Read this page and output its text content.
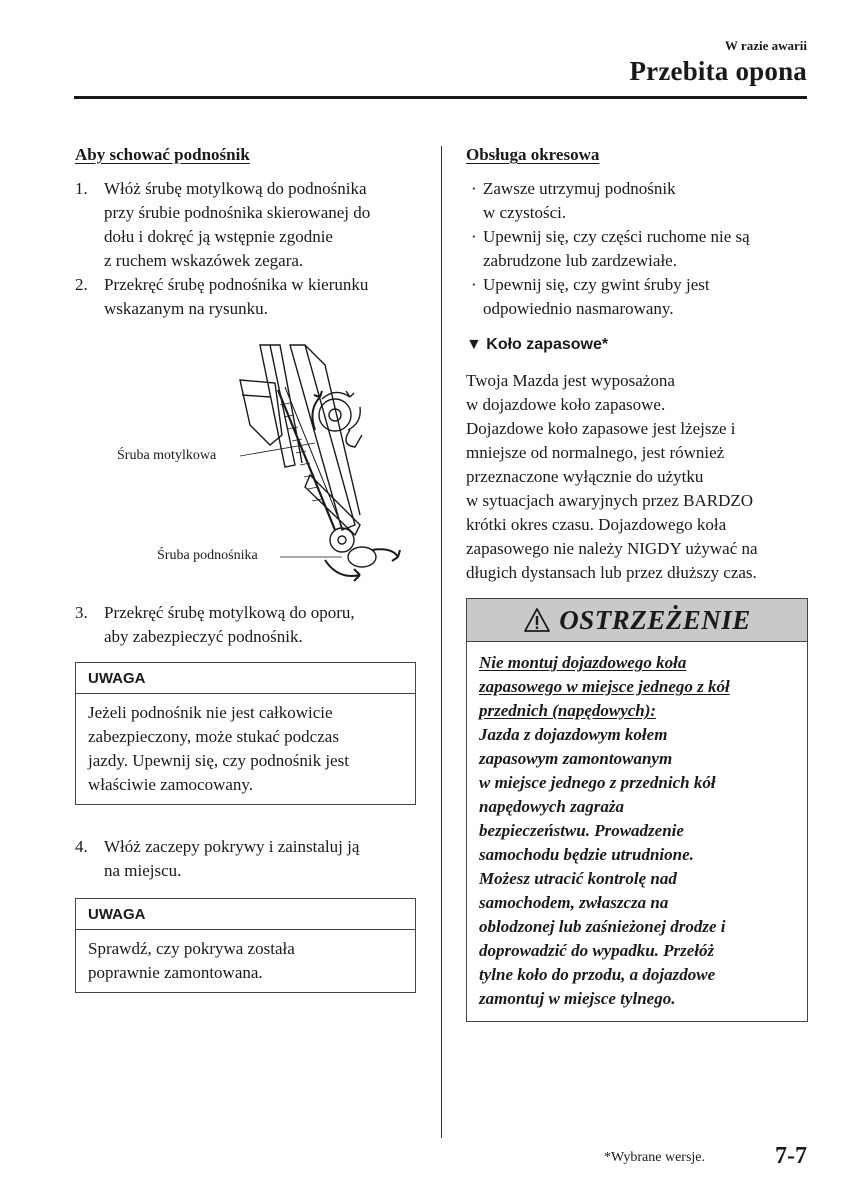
W razie awarii
Przebita opona
Aby schować podnośnik
1. Włóż śrubę motylkową do podnośnika
przy śrubie podnośnika skierowanej do
dołu i dokręć ją wstępnie zgodnie
z ruchem wskazówek zegara.
2. Przekręć śrubę podnośnika w kierunku
wskazanym na rysunku.
Śruba motylkowa
Śruba podnośnika
3. Przekręć śrubę motylkową do oporu,
aby zabezpieczyć podnośnik.
UWAGA
Jeżeli podnośnik nie jest całkowicie
zabezpieczony, może stukać podczas
jazdy. Upewnij się, czy podnośnik jest
właściwie zamocowany.
4. Włóż zaczepy pokrywy i zainstaluj ją
na miejscu.
UWAGA
Sprawdź, czy pokrywa została
poprawnie zamontowana.
Obsługa okresowa
· Zawsze utrzymuj podnośnik
w czystości.
· Upewnij się, czy części ruchome nie są
zabrudzone lub zardzewiałe.
· Upewnij się, czy gwint śruby jest
odpowiednio nasmarowany.
▼ Koło zapasowe*
Twoja Mazda jest wyposażona
w dojazdowe koło zapasowe.
Dojazdowe koło zapasowe jest lżejsze i
mniejsze od normalnego, jest również
przeznaczone wyłącznie do użytku
w sytuacjach awaryjnych przez BARDZO
krótki okres czasu. Dojazdowego koła
zapasowego nie należy NIGDY używać na
długich dystansach lub przez dłuższy czas.
OSTRZEŻENIE
Nie montuj dojazdowego koła
zapasowego w miejsce jednego z kół
przednich (napędowych):
Jazda z dojazdowym kołem
zapasowym zamontowanym
w miejsce jednego z przednich kół
napędowych zagraża
bezpieczeństwu. Prowadzenie
samochodu będzie utrudnione.
Możesz utracić kontrolę nad
samochodem, zwłaszcza na
oblodzonej lub zaśnieżonej drodze i
doprowadzić do wypadku. Przełóż
tylne koło do przodu, a dojazdowe
zamontuj w miejsce tylnego.
*Wybrane wersje.	7-7
